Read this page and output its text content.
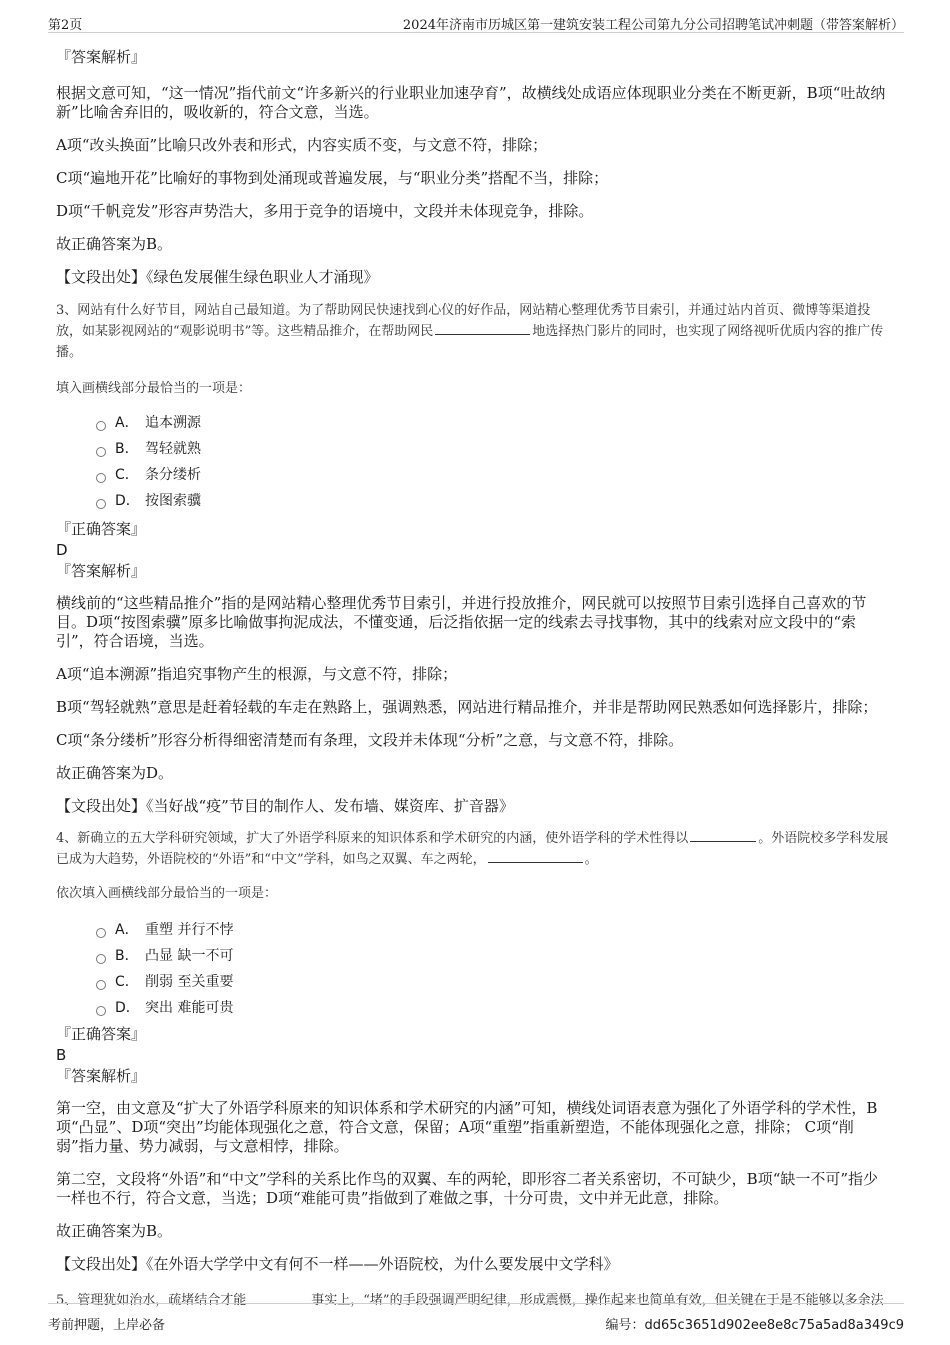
第2页	2024年济南市历城区第一建筑安装工程公司第九分公司招聘笔试冲刺题（带答案解析）

『答案解析』

根据文意可知，“这一情况”指代前文“许多新兴的行业职业加速孕育”，故横线处成语应体现职业分类在不断更新，B项“吐故纳新”比喻舍弃旧的，吸收新的，符合文意，当选。

A项“改头换面”比喻只改外表和形式，内容实质不变，与文意不符，排除；

C项“遍地开花”比喻好的事物到处涌现或普遍发展，与“职业分类”搭配不当，排除；

D项“千帆竞发”形容声势浩大，多用于竞争的语境中，文段并未体现竞争，排除。

故正确答案为B。

【文段出处】《绿色发展催生绿色职业人才涌现》

3、网站有什么好节目，网站自己最知道。为了帮助网民快速找到心仪的好作品，网站精心整理优秀节目索引，并通过站内首页、微博等渠道投放，如某影视网站的“观影说明书”等。这些精品推介，在帮助网民	地选择热门影片的同时，也实现了网络视听优质内容的推广传播。

填入画横线部分最恰当的一项是：

A． 追本溯源
B． 驾轻就熟
C． 条分缕析
D． 按图索骥

『正确答案』

D

『答案解析』

横线前的“这些精品推介”指的是网站精心整理优秀节目索引，并进行投放推介，网民就可以按照节目索引选择自己喜欢的节目。D项“按图索骥”原多比喻做事拘泥成法，不懂变通，后泛指依据一定的线索去寻找事物，其中的线索对应文段中的“索引”，符合语境，当选。

A项“追本溯源”指追究事物产生的根源，与文意不符，排除；

B项“驾轻就熟”意思是赶着轻载的车走在熟路上，强调熟悉，网站进行精品推介，并非是帮助网民熟悉如何选择影片，排除；

C项“条分缕析”形容分析得细密清楚而有条理，文段并未体现“分析”之意，与文意不符，排除。

故正确答案为D。

【文段出处】《当好战“疫”节目的制作人、发布墙、媒资库、扩音器》

4、新确立的五大学科研究领域，扩大了外语学科原来的知识体系和学术研究的内涵，使外语学科的学术性得以	。外语院校多学科发展已成为大趋势，外语院校的“外语”和“中文”学科，如鸟之双翼、车之两轮，	。

依次填入画横线部分最恰当的一项是：

A． 重塑 并行不悖
B． 凸显 缺一不可
C． 削弱 至关重要
D． 突出 难能可贵

『正确答案』

B

『答案解析』

第一空，由文意及“扩大了外语学科原来的知识体系和学术研究的内涵”可知，横线处词语表意为强化了外语学科的学术性，B项“凸显”、D项“突出”均能体现强化之意，符合文意，保留；A项“重塑”指重新塑造，不能体现强化之意，排除； C项“削弱”指力量、势力减弱，与文意相悖，排除。

第二空，文段将“外语”和“中文”学科的关系比作鸟的双翼、车的两轮，即形容二者关系密切，不可缺少，B项“缺一不可”指少一样也不行，符合文意，当选；D项“难能可贵”指做到了难做之事，十分可贵，文中并无此意，排除。

故正确答案为B。

【文段出处】《在外语大学学中文有何不一样——外语院校，为什么要发展中文学科》

5、管理犹如治水，疏堵结合才能　　　　　事实上，“堵”的手段强调严明纪律，形成震慑，操作起来也简单有效，但关键在于是不能够以多余法

考前押题，上岸必备	编号：dd65c3651d902ee8e8c75a5ad8a349c9
